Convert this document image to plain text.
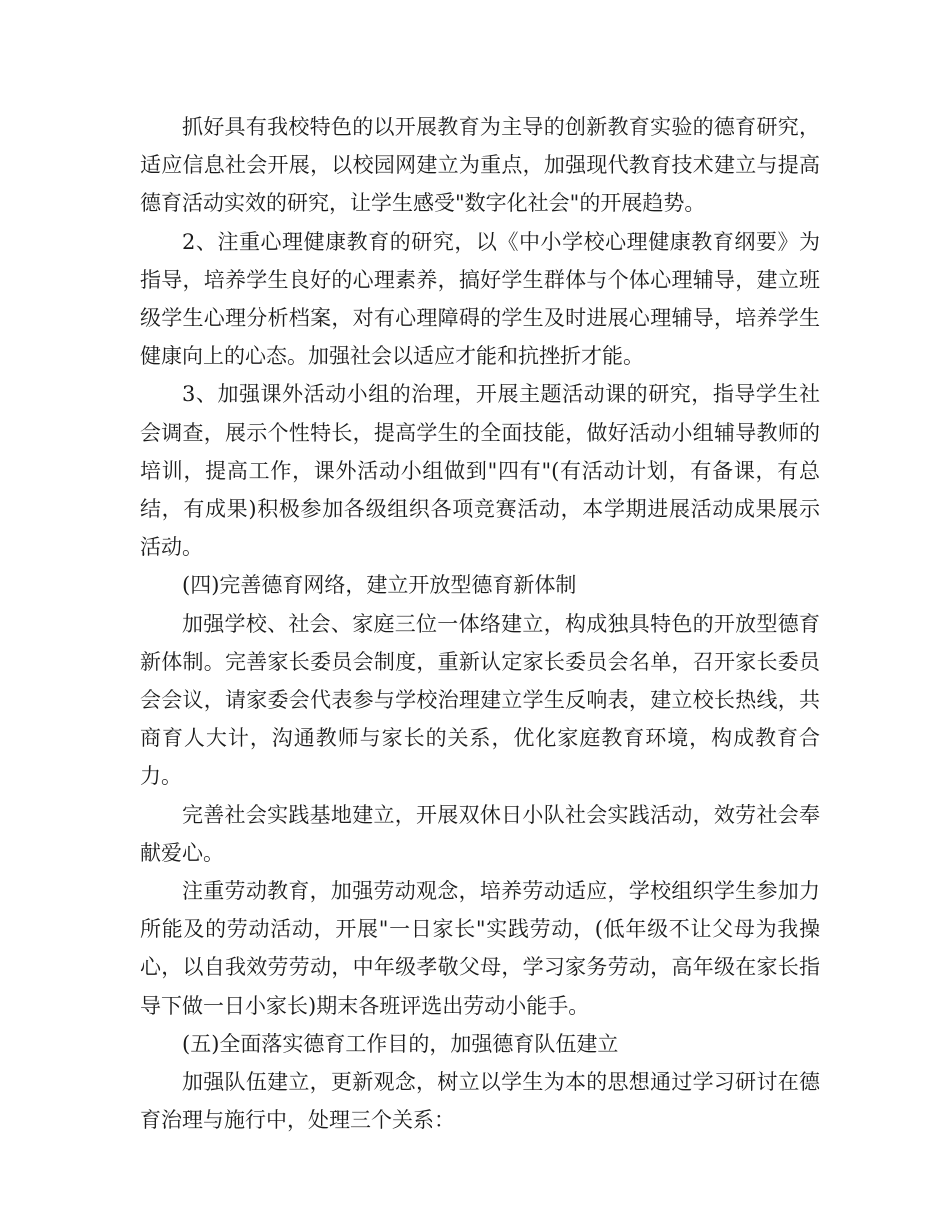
抓好具有我校特色的以开展教育为主导的创新教育实验的德育研究，适应信息社会开展，以校园网建立为重点，加强现代教育技术建立与提高德育活动实效的研究，让学生感受"数字化社会"的开展趋势。

2、注重心理健康教育的研究，以《中小学校心理健康教育纲要》为指导，培养学生良好的心理素养，搞好学生群体与个体心理辅导，建立班级学生心理分析档案，对有心理障碍的学生及时进展心理辅导，培养学生健康向上的心态。加强社会以适应才能和抗挫折才能。

3、加强课外活动小组的治理，开展主题活动课的研究，指导学生社会调查，展示个性特长，提高学生的全面技能，做好活动小组辅导教师的培训，提高工作，课外活动小组做到"四有"(有活动计划，有备课，有总结，有成果)积极参加各级组织各项竞赛活动，本学期进展活动成果展示活动。

(四)完善德育网络，建立开放型德育新体制

加强学校、社会、家庭三位一体络建立，构成独具特色的开放型德育新体制。完善家长委员会制度，重新认定家长委员会名单，召开家长委员会会议，请家委会代表参与学校治理建立学生反响表，建立校长热线，共商育人大计，沟通教师与家长的关系，优化家庭教育环境，构成教育合力。

完善社会实践基地建立，开展双休日小队社会实践活动，效劳社会奉献爱心。

注重劳动教育，加强劳动观念，培养劳动适应，学校组织学生参加力所能及的劳动活动，开展"一日家长"实践劳动，(低年级不让父母为我操心，以自我效劳劳动，中年级孝敬父母，学习家务劳动，高年级在家长指导下做一日小家长)期末各班评选出劳动小能手。

(五)全面落实德育工作目的，加强德育队伍建立

加强队伍建立，更新观念，树立以学生为本的思想通过学习研讨在德育治理与施行中，处理三个关系：
